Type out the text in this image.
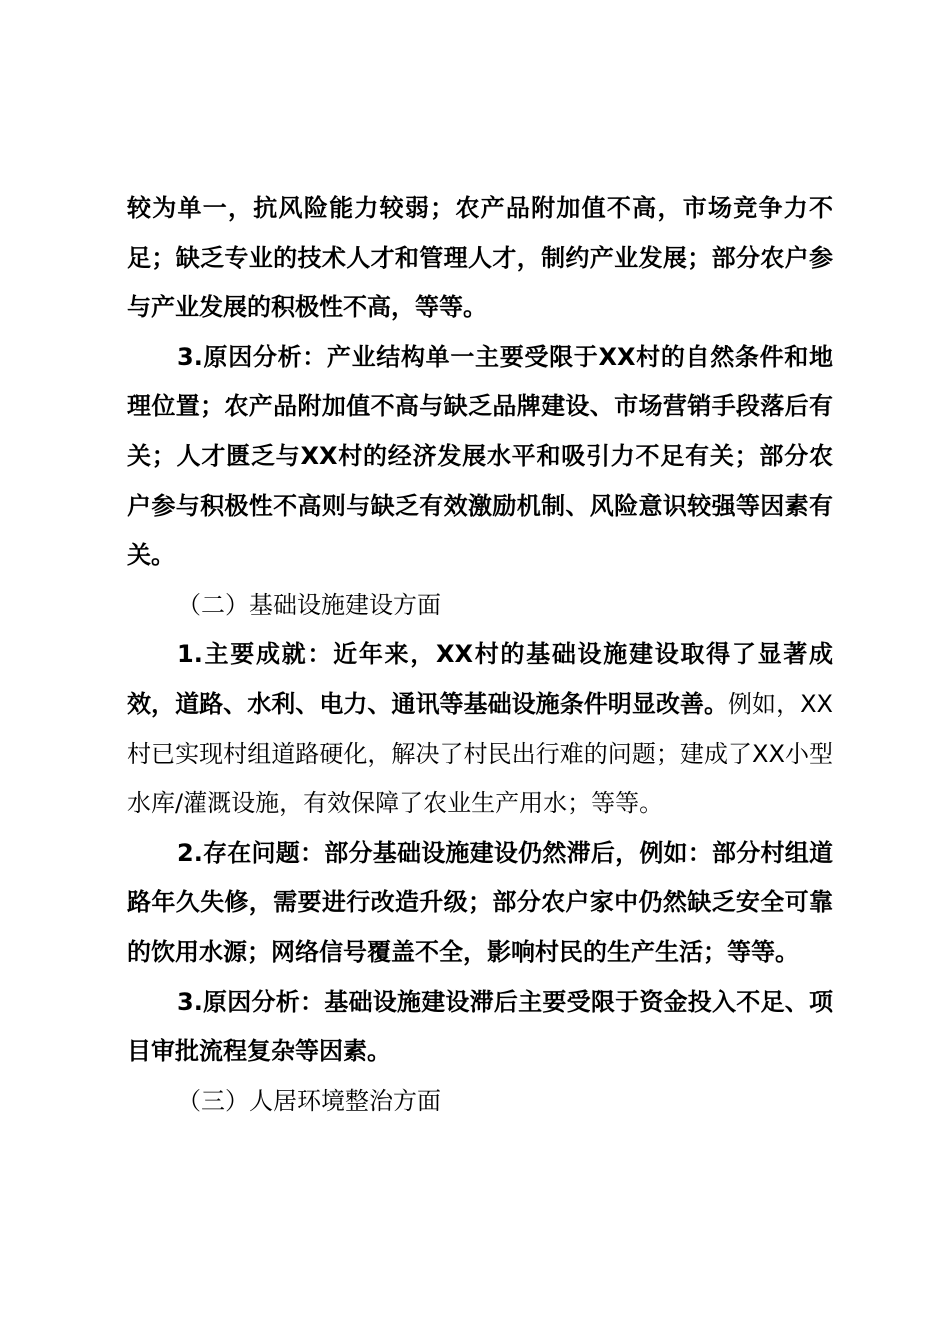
较为单一，抗风险能力较弱；农产品附加值不高，市场竞争力不足；缺乏专业的技术人才和管理人才，制约产业发展；部分农户参与产业发展的积极性不高，等等。

3.原因分析：产业结构单一主要受限于XX村的自然条件和地理位置；农产品附加值不高与缺乏品牌建设、市场营销手段落后有关；人才匮乏与XX村的经济发展水平和吸引力不足有关；部分农户参与积极性不高则与缺乏有效激励机制、风险意识较强等因素有关。

（二）基础设施建设方面

1.主要成就：近年来，XX村的基础设施建设取得了显著成效，道路、水利、电力、通讯等基础设施条件明显改善。例如，XX村已实现村组道路硬化，解决了村民出行难的问题；建成了XX小型水库/灌溉设施，有效保障了农业生产用水；等等。

2.存在问题：部分基础设施建设仍然滞后，例如：部分村组道路年久失修，需要进行改造升级；部分农户家中仍然缺乏安全可靠的饮用水源；网络信号覆盖不全，影响村民的生产生活；等等。

3.原因分析：基础设施建设滞后主要受限于资金投入不足、项目审批流程复杂等因素。

（三）人居环境整治方面
